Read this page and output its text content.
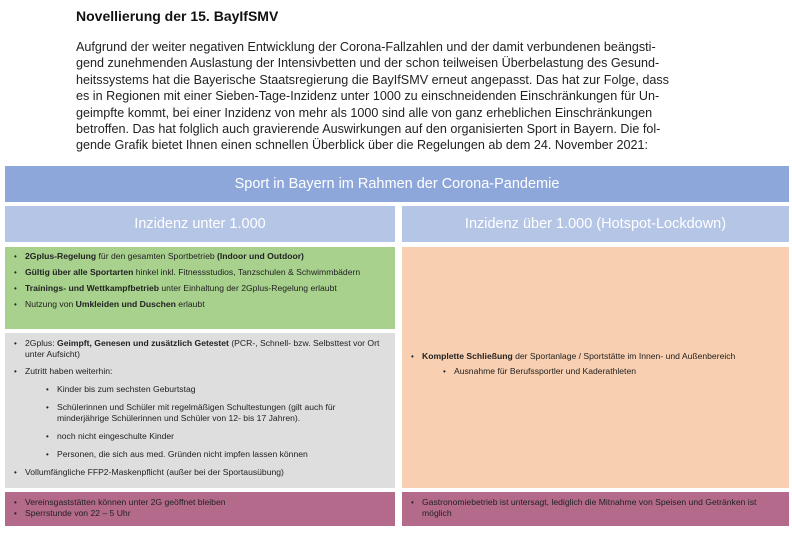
Novellierung der 15. BayIfSMV
Aufgrund der weiter negativen Entwicklung der Corona-Fallzahlen und der damit verbundenen beängsti-
gend zunehmenden Auslastung der Intensivbetten und der schon teilweisen Überbelastung des Gesund-
heitssystems hat die Bayerische Staatsregierung die BayIfSMV erneut angepasst. Das hat zur Folge, dass
es in Regionen mit einer Sieben-Tage-Inzidenz unter 1000 zu einschneidenden Einschränkungen für Un-
geimpfte kommt, bei einer Inzidenz von mehr als 1000 sind alle von ganz erheblichen Einschränkungen
betroffen. Das hat folglich auch gravierende Auswirkungen auf den organisierten Sport in Bayern. Die fol-
gende Grafik bietet Ihnen einen schnellen Überblick über die Regelungen ab dem 24. November 2021:
Sport in Bayern im Rahmen der Corona-Pandemie
Inzidenz unter 1.000	Inzidenz über 1.000 (Hotspot-Lockdown)
• 2Gplus-Regelung für den gesamten Sportbetrieb (Indoor und Outdoor)
• Gültig über alle Sportarten hinkel inkl. Fitnessstudios, Tanzschulen & Schwimmbädern
• Trainings- und Wettkampfbetrieb unter Einhaltung der 2Gplus-Regelung erlaubt
• Nutzung von Umkleiden und Duschen erlaubt
• 2Gplus: Geimpft, Genesen und zusätzlich Getestet (PCR-, Schnell- bzw. Selbsttest vor Ort unter Aufsicht)
• Zutritt haben weiterhin:
• Kinder bis zum sechsten Geburtstag
• Schülerinnen und Schüler mit regelmäßigen Schultestungen (gilt auch für minderjährige Schülerinnen und Schüler von 12- bis 17 Jahren).
• noch nicht eingeschulte Kinder
• Personen, die sich aus med. Gründen nicht impfen lassen können
• Vollumfängliche FFP2-Maskenpflicht (außer bei der Sportausübung)
• Komplette Schließung der Sportanlage / Sportstätte im Innen- und Außenbereich
• Ausnahme für Berufssportler und Kaderathleten
• Vereinsgaststätten können unter 2G geöffnet bleiben
• Sperrstunde von 22 – 5 Uhr
• Gastronomiebetrieb ist untersagt, lediglich die Mitnahme von Speisen und Getränken ist möglich
